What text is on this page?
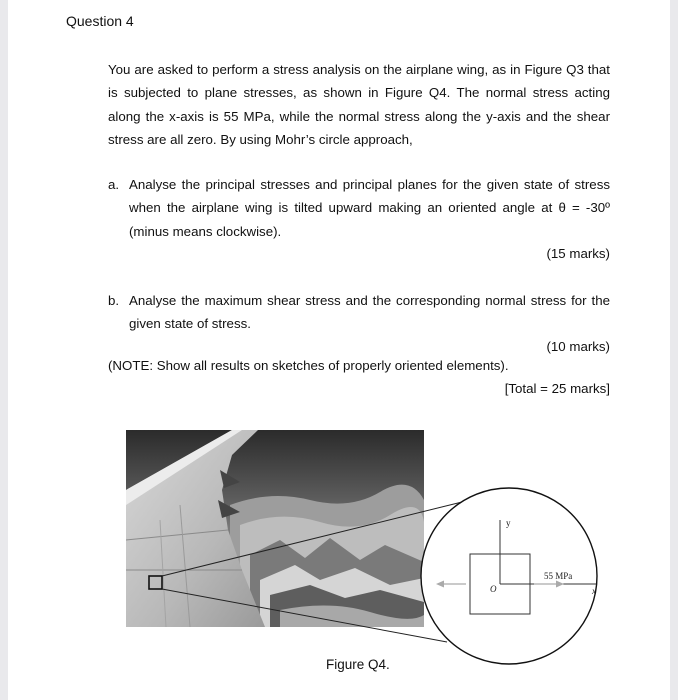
Question 4
You are asked to perform a stress analysis on the airplane wing, as in Figure Q3 that is subjected to plane stresses, as shown in Figure Q4. The normal stress acting along the x-axis is 55 MPa, while the normal stress along the y-axis and the shear stress are all zero. By using Mohr’s circle approach,
a. Analyse the principal stresses and principal planes for the given state of stress when the airplane wing is tilted upward making an oriented angle at θ = -30º (minus means clockwise).
(15 marks)
b. Analyse the maximum shear stress and the corresponding normal stress for the given state of stress.
(10 marks)
(NOTE: Show all results on sketches of properly oriented elements).
[Total = 25 marks]
y
x
O
55 MPa
Figure Q4.
